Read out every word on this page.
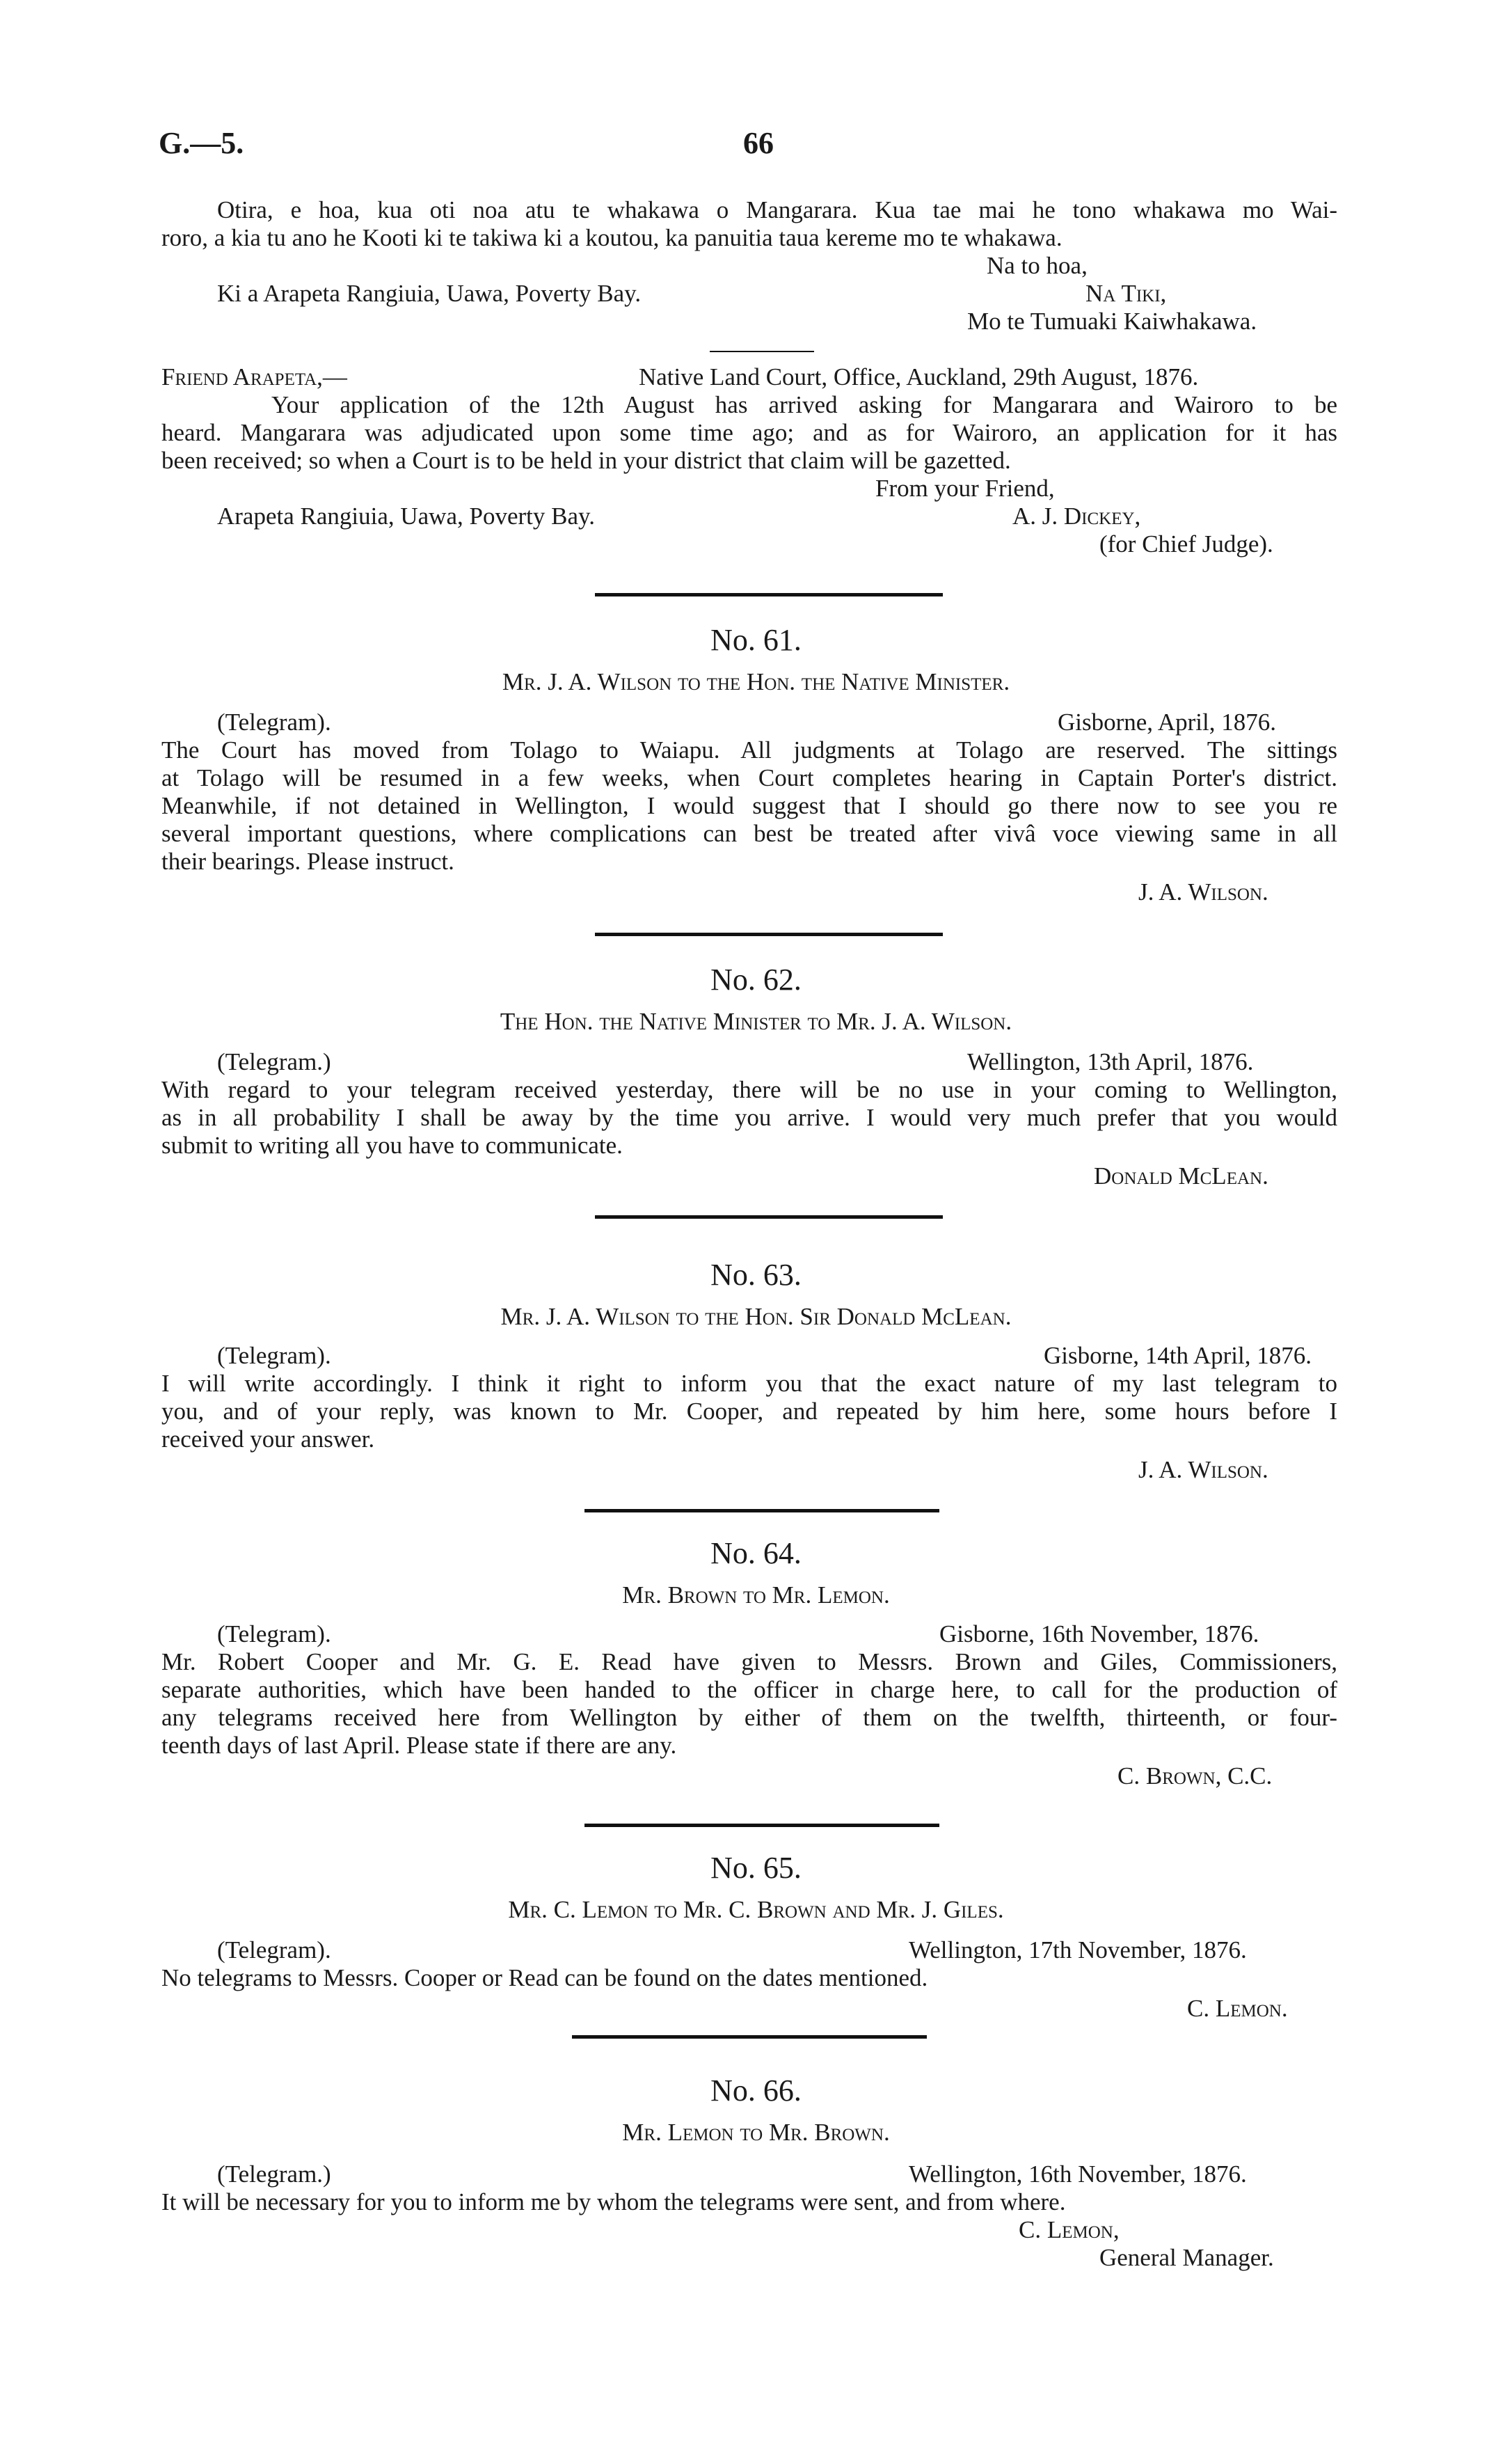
G.—5.	66
Otira, e hoa, kua oti noa atu te whakawa o Mangarara. Kua tae mai he tono whakawa mo Wai-
roro, a kia tu ano he Kooti ki te takiwa ki a koutou, ka panuitia taua kereme mo te whakawa.
Na to hoa,
Ki a Arapeta Rangiuia, Uawa, Poverty Bay.	Na Tiki,
Mo te Tumuaki Kaiwhakawa.
Friend Arapeta,—	Native Land Court, Office, Auckland, 29th August, 1876.
Your application of the 12th August has arrived asking for Mangarara and Wairoro to be
heard. Mangarara was adjudicated upon some time ago; and as for Wairoro, an application for it has
been received; so when a Court is to be held in your district that claim will be gazetted.
From your Friend,
Arapeta Rangiuia, Uawa, Poverty Bay.	A. J. Dickey,
(for Chief Judge).
No. 61.
Mr. J. A. Wilson to the Hon. the Native Minister.
(Telegram).	Gisborne, April, 1876.
The Court has moved from Tolago to Waiapu. All judgments at Tolago are reserved. The sittings
at Tolago will be resumed in a few weeks, when Court completes hearing in Captain Porter's district.
Meanwhile, if not detained in Wellington, I would suggest that I should go there now to see you re
several important questions, where complications can best be treated after vivâ voce viewing same in all
their bearings. Please instruct.
J. A. Wilson.
No. 62.
The Hon. the Native Minister to Mr. J. A. Wilson.
(Telegram.)	Wellington, 13th April, 1876.
With regard to your telegram received yesterday, there will be no use in your coming to Wellington,
as in all probability I shall be away by the time you arrive. I would very much prefer that you would
submit to writing all you have to communicate.
Donald McLean.
No. 63.
Mr. J. A. Wilson to the Hon. Sir Donald McLean.
(Telegram).	Gisborne, 14th April, 1876.
I will write accordingly. I think it right to inform you that the exact nature of my last telegram to
you, and of your reply, was known to Mr. Cooper, and repeated by him here, some hours before I
received your answer.
J. A. Wilson.
No. 64.
Mr. Brown to Mr. Lemon.
(Telegram).	Gisborne, 16th November, 1876.
Mr. Robert Cooper and Mr. G. E. Read have given to Messrs. Brown and Giles, Commissioners,
separate authorities, which have been handed to the officer in charge here, to call for the production of
any telegrams received here from Wellington by either of them on the twelfth, thirteenth, or four-
teenth days of last April. Please state if there are any.
C. Brown, C.C.
No. 65.
Mr. C. Lemon to Mr. C. Brown and Mr. J. Giles.
(Telegram).	Wellington, 17th November, 1876.
No telegrams to Messrs. Cooper or Read can be found on the dates mentioned.
C. Lemon.
No. 66.
Mr. Lemon to Mr. Brown.
(Telegram.)	Wellington, 16th November, 1876.
It will be necessary for you to inform me by whom the telegrams were sent, and from where.
C. Lemon,
General Manager.
